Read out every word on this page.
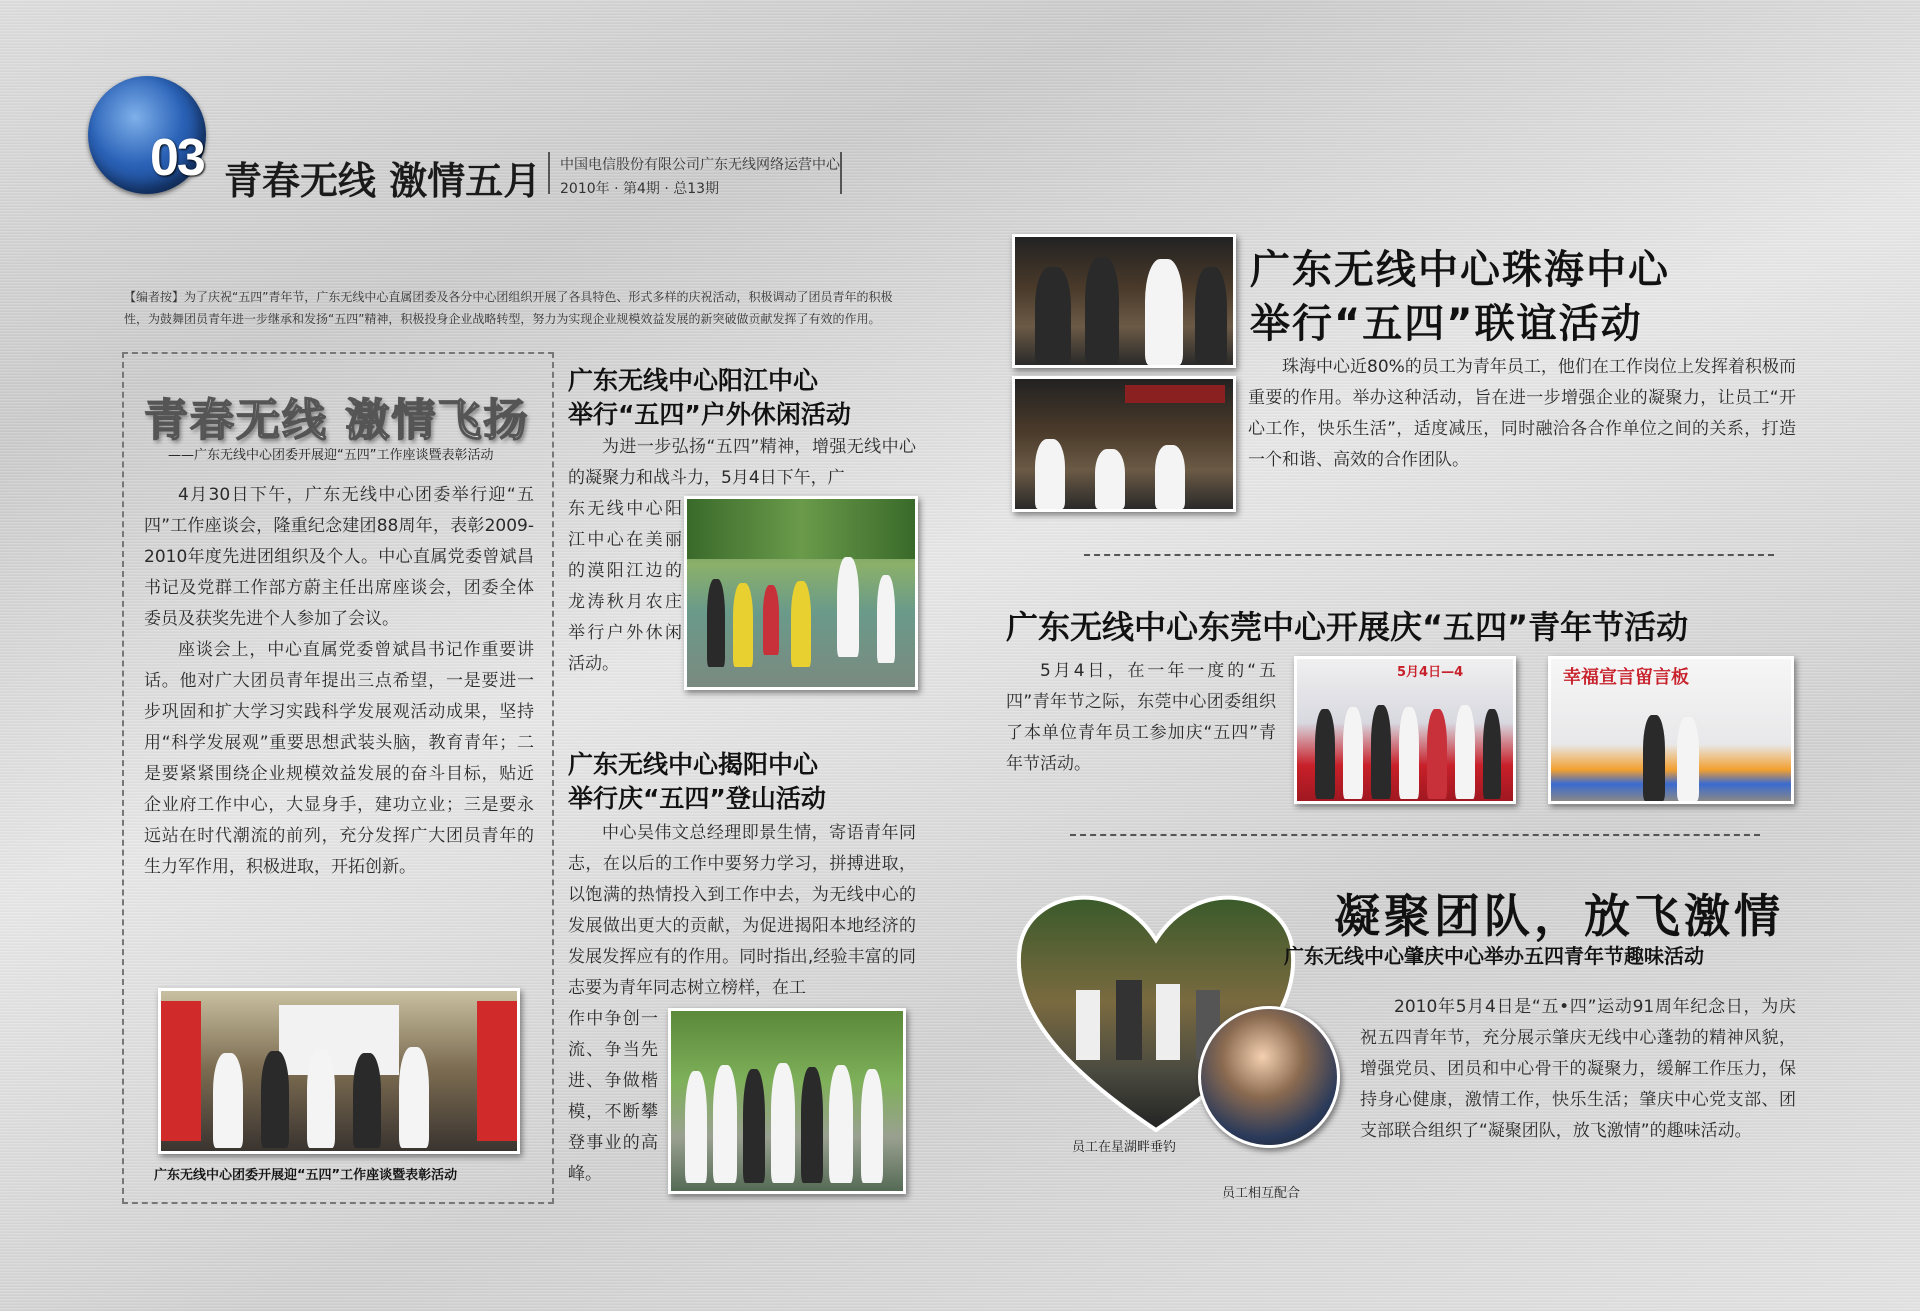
03 青春无线 激情五月 中国电信股份有限公司广东无线网络运营中心
2010年 · 第4期 · 总13期
【编者按】为了庆祝“五四”青年节，广东无线中心直属团委及各分中心团组织开展了各具特色、形式多样的庆祝活动，积极调动了团员青年的积极性，为鼓舞团员青年进一步继承和发扬“五四”精神，积极投身企业战略转型，努力为实现企业规模效益发展的新突破做贡献发挥了有效的作用。
青春无线 激情飞扬
——广东无线中心团委开展迎“五四”工作座谈暨表彰活动

4月30日下午，广东无线中心团委举行迎“五四”工作座谈会，隆重纪念建团88周年，表彰2009-2010年度先进团组织及个人。中心直属党委曾斌昌书记及党群工作部方蔚主任出席座谈会，团委全体委员及获奖先进个人参加了会议。

座谈会上，中心直属党委曾斌昌书记作重要讲话。他对广大团员青年提出三点希望，一是要进一步巩固和扩大学习实践科学发展观活动成果，坚持用“科学发展观”重要思想武装头脑，教育青年；二是要紧紧围绕企业规模效益发展的奋斗目标，贴近企业府工作中心，大显身手，建功立业；三是要永远站在时代潮流的前列，充分发挥广大团员青年的生力军作用，积极进取，开拓创新。

广东无线中心团委开展迎“五四”工作座谈暨表彰活动
广东无线中心阳江中心
举行“五四”户外休闲活动

为进一步弘扬“五四”精神，增强无线中心的凝聚力和战斗力，5月4日下午，广

东无线中心阳江中心在美丽的漠阳江边的龙涛秋月农庄举行户外休闲活动。

广东无线中心揭阳中心
举行庆“五四”登山活动

中心吴伟文总经理即景生情，寄语青年同志，在以后的工作中要努力学习，拼搏进取，以饱满的热情投入到工作中去，为无线中心的发展做出更大的贡献，为促进揭阳本地经济的发展发挥应有的作用。同时指出,经验丰富的同志要为青年同志树立榜样，在工

作中争创一流、争当先进、争做楷模，不断攀登事业的高峰。

广东无线中心珠海中心
举行“五四”联谊活动

珠海中心近80%的员工为青年员工，他们在工作岗位上发挥着积极而重要的作用。举办这种活动，旨在进一步增强企业的凝聚力，让员工“开心工作，快乐生活”，适度减压，同时融洽各合作单位之间的关系，打造一个和谐、高效的合作团队。

广东无线中心东莞中心开展庆“五四”青年节活动

5月4日，在一年一度的“五四”青年节之际，东莞中心团委组织了本单位青年员工参加庆“五四”青年节活动。

5月4日—4	幸福宣言留言板
凝聚团队，放飞激情
广东无线中心肇庆中心举办五四青年节趣味活动

2010年5月4日是“五•四”运动91周年纪念日，为庆祝五四青年节，充分展示肇庆无线中心蓬勃的精神风貌，增强党员、团员和中心骨干的凝聚力，缓解工作压力，保持身心健康，激情工作，快乐生活；肇庆中心党支部、团支部联合组织了“凝聚团队，放飞激情”的趣味活动。

员工在星湖畔垂钓
员工相互配合
